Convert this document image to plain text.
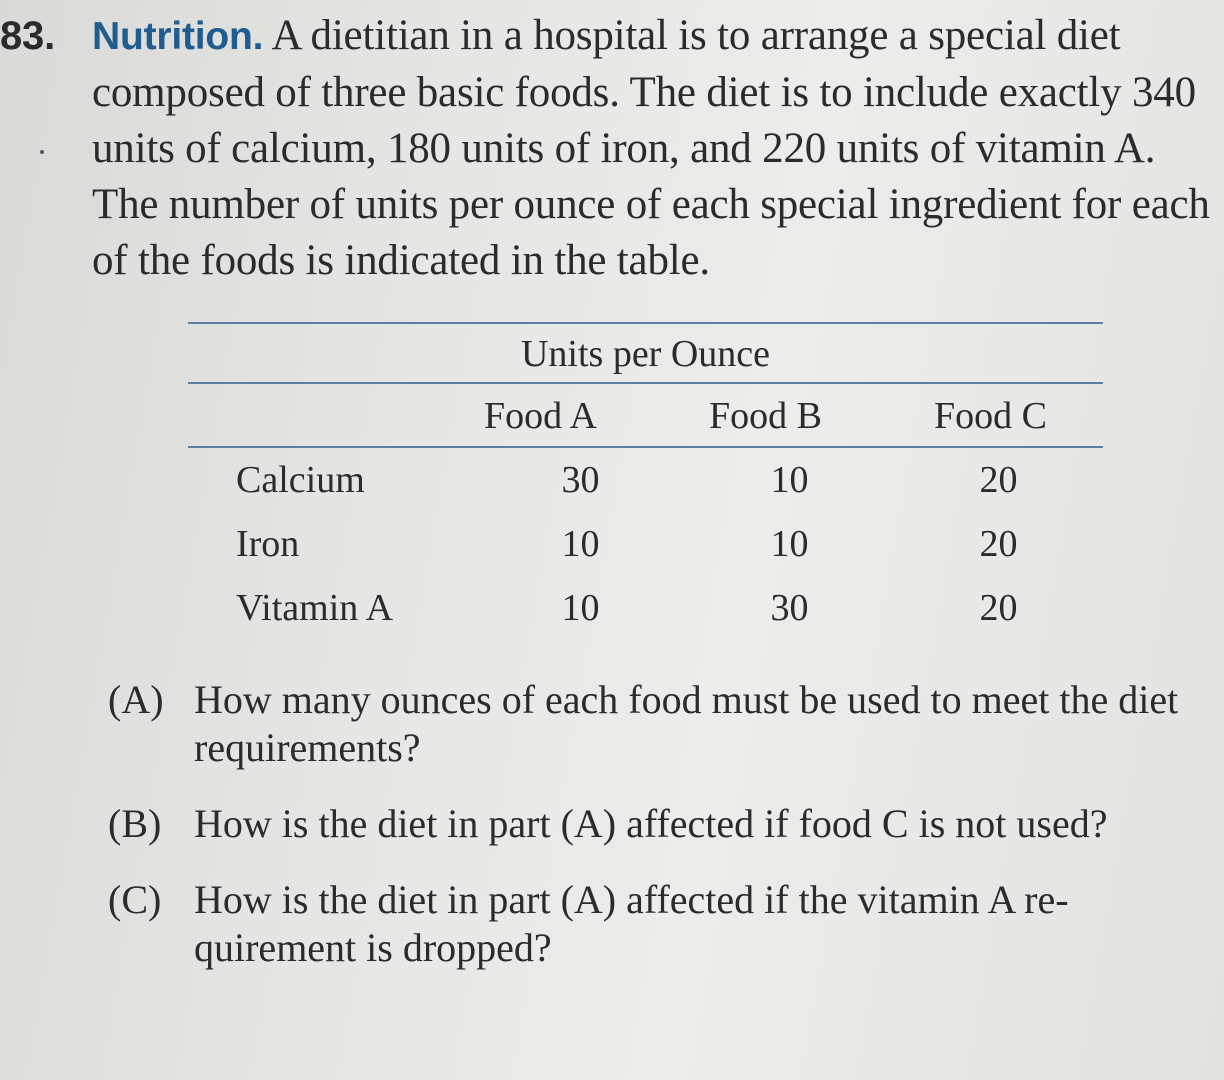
83. Nutrition. A dietitian in a hospital is to arrange a special diet composed of three basic foods. The diet is to include exactly 340 units of calcium, 180 units of iron, and 220 units of vitamin A. The number of units per ounce of each special ingredient for each of the foods is indicated in the table.

	Units per Ounce
	Food A	Food B	Food C
Calcium	30	10	20
Iron	10	10	20
Vitamin A	10	30	20
(A) How many ounces of each food must be used to meet the diet requirements?
(B) How is the diet in part (A) affected if food C is not used?
(C) How is the diet in part (A) affected if the vitamin A re-quirement is dropped?
